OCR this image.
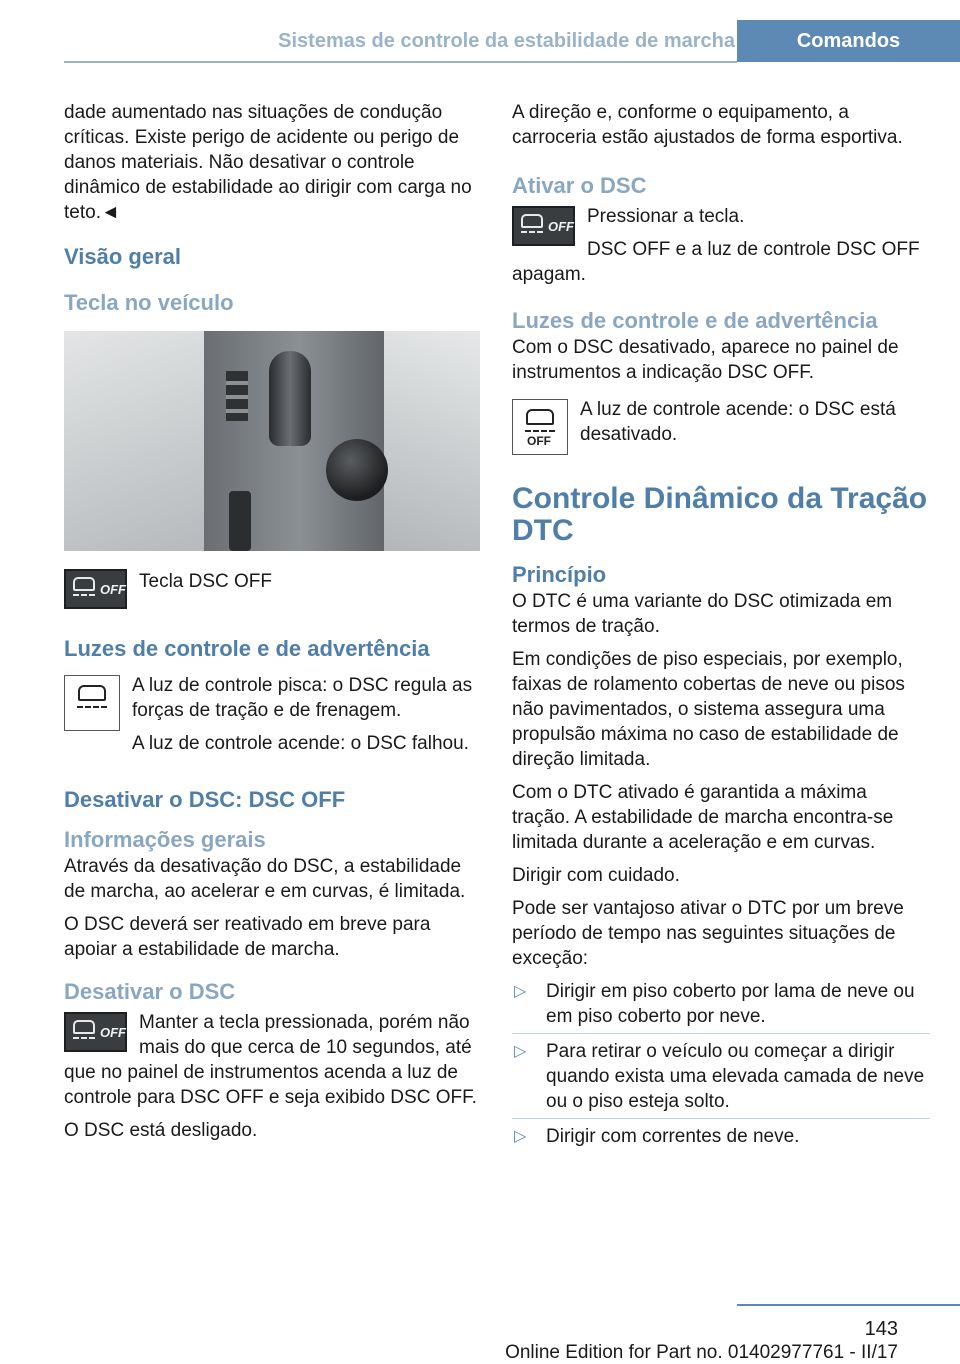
Sistemas de controle da estabilidade de marcha	Comandos

dade aumentado nas situações de condução críticas. Existe perigo de acidente ou perigo de danos materiais. Não desativar o controle dinâmico de estabilidade ao dirigir com carga no teto.◄

Visão geral
Tecla no veículo
OFF Tecla DSC OFF

Luzes de controle e de advertência

A luz de controle pisca: o DSC regula as forças de tração e de frenagem.

A luz de controle acende: o DSC falhou.

Desativar o DSC: DSC OFF
Informações gerais

Através da desativação do DSC, a estabilidade de marcha, ao acelerar e em curvas, é limitada.

O DSC deverá ser reativado em breve para apoiar a estabilidade de marcha.

Desativar o DSC
OFF Manter a tecla pressionada, porém não mais do que cerca de 10 segundos, até que no painel de instrumentos acenda a luz de controle para DSC OFF e seja exibido DSC OFF.

O DSC está desligado.

A direção e, conforme o equipamento, a carroceria estão ajustados de forma esportiva.

Ativar o DSC
OFF Pressionar a tecla.

DSC OFF e a luz de controle DSC OFF apagam.

Luzes de controle e de advertência

Com o DSC desativado, aparece no painel de instrumentos a indicação DSC OFF.

OFF

A luz de controle acende: o DSC está desativado.

Controle Dinâmico da Tração DTC
Princípio

O DTC é uma variante do DSC otimizada em termos de tração.

Em condições de piso especiais, por exemplo, faixas de rolamento cobertas de neve ou pisos não pavimentados, o sistema assegura uma propulsão máxima no caso de estabilidade de direção limitada.

Com o DTC ativado é garantida a máxima tração. A estabilidade de marcha encontra-se limitada durante a aceleração e em curvas.

Dirigir com cuidado.

Pode ser vantajoso ativar o DTC por um breve período de tempo nas seguintes situações de exceção:

▷ Dirigir em piso coberto por lama de neve ou em piso coberto por neve.
▷ Para retirar o veículo ou começar a dirigir quando exista uma elevada camada de neve ou o piso esteja solto.
▷ Dirigir com correntes de neve.
143
Online Edition for Part no. 01402977761 - II/17
